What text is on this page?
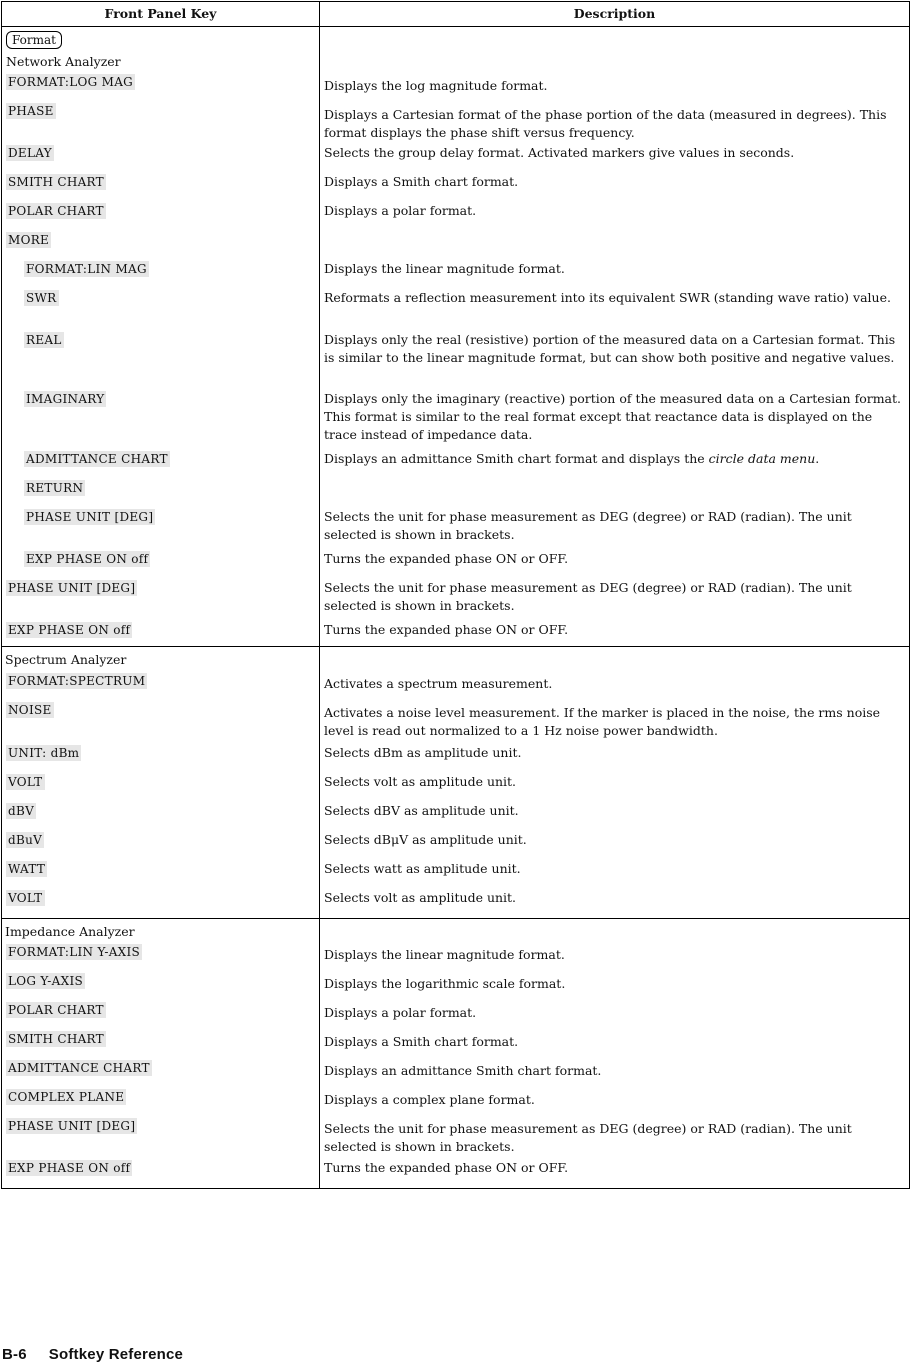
Front Panel Key	Description
Format	
Network Analyzer	
FORMAT:LOG MAG	Displays the log magnitude format.
PHASE	Displays a Cartesian format of the phase portion of the data (measured in degrees). This format displays the phase shift versus frequency.
DELAY	Selects the group delay format. Activated markers give values in seconds.
SMITH CHART	Displays a Smith chart format.
POLAR CHART	Displays a polar format.
MORE	
FORMAT:LIN MAG	Displays the linear magnitude format.
SWR	Reformats a reflection measurement into its equivalent SWR (standing wave ratio) value.
REAL	Displays only the real (resistive) portion of the measured data on a Cartesian format. This is similar to the linear magnitude format, but can show both positive and negative values.
IMAGINARY	Displays only the imaginary (reactive) portion of the measured data on a Cartesian format. This format is similar to the real format except that reactance data is displayed on the trace instead of impedance data.
ADMITTANCE CHART	Displays an admittance Smith chart format and displays the circle data menu.
RETURN	
PHASE UNIT [DEG]	Selects the unit for phase measurement as DEG (degree) or RAD (radian). The unit selected is shown in brackets.
EXP PHASE ON off	Turns the expanded phase ON or OFF.
PHASE UNIT [DEG]	Selects the unit for phase measurement as DEG (degree) or RAD (radian). The unit selected is shown in brackets.
EXP PHASE ON off	Turns the expanded phase ON or OFF.
Spectrum Analyzer	
FORMAT:SPECTRUM	Activates a spectrum measurement.
NOISE	Activates a noise level measurement. If the marker is placed in the noise, the rms noise level is read out normalized to a 1 Hz noise power bandwidth.
UNIT: dBm	Selects dBm as amplitude unit.
VOLT	Selects volt as amplitude unit.
dBV	Selects dBV as amplitude unit.
dBuV	Selects dBμV as amplitude unit.
WATT	Selects watt as amplitude unit.
VOLT	Selects volt as amplitude unit.
Impedance Analyzer	
FORMAT:LIN Y-AXIS	Displays the linear magnitude format.
LOG Y-AXIS	Displays the logarithmic scale format.
POLAR CHART	Displays a polar format.
SMITH CHART	Displays a Smith chart format.
ADMITTANCE CHART	Displays an admittance Smith chart format.
COMPLEX PLANE	Displays a complex plane format.
PHASE UNIT [DEG]	Selects the unit for phase measurement as DEG (degree) or RAD (radian). The unit selected is shown in brackets.
EXP PHASE ON off	Turns the expanded phase ON or OFF.
B-6 Softkey Reference
